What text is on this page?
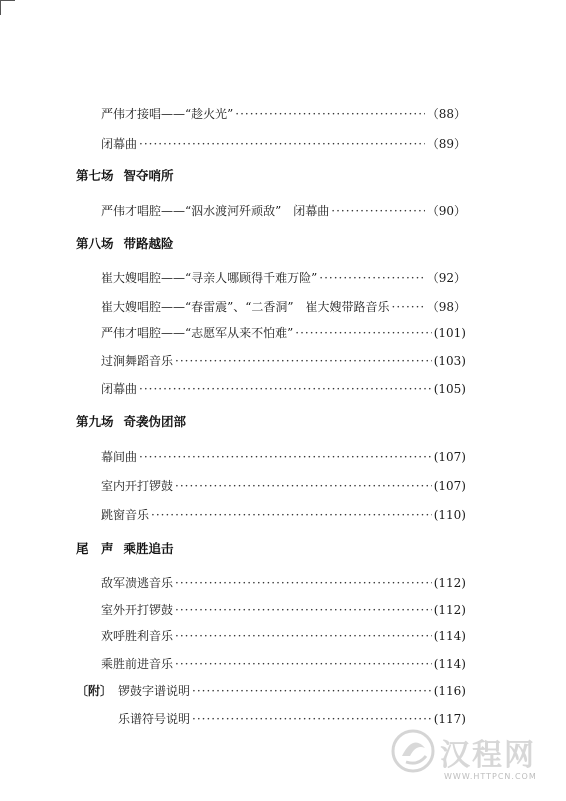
严伟才接唱——“趁火光” ·····	（88）
闭幕曲 ·····	（89）
第七场 智夺哨所
严伟才唱腔——“泅水渡河歼顽敌”　闭幕曲 ·····	（90）
第八场 带路越险
崔大嫂唱腔——“寻亲人哪顾得千难万险” ·····	（92）
崔大嫂唱腔——“春雷震”、“二香洞”　崔大嫂带路音乐 ·····	（98）
严伟才唱腔——“志愿军从来不怕难” ·····	(101)
过涧舞蹈音乐 ·····	(103)
闭幕曲 ·····	(105)
第九场 奇袭伪团部
幕间曲 ·····	(107)
室内开打锣鼓 ·····	(107)
跳窗音乐 ·····	(110)
尾　声 乘胜追击
敌军溃逃音乐 ·····	(112)
室外开打锣鼓 ·····	(112)
欢呼胜利音乐 ·····	(114)
乘胜前进音乐 ·····	(114)
〔附〕 锣鼓字谱说明 ·····	(116)
乐谱符号说明 ·····	(117)
汉程网
WWW.HTTPCN.COM
